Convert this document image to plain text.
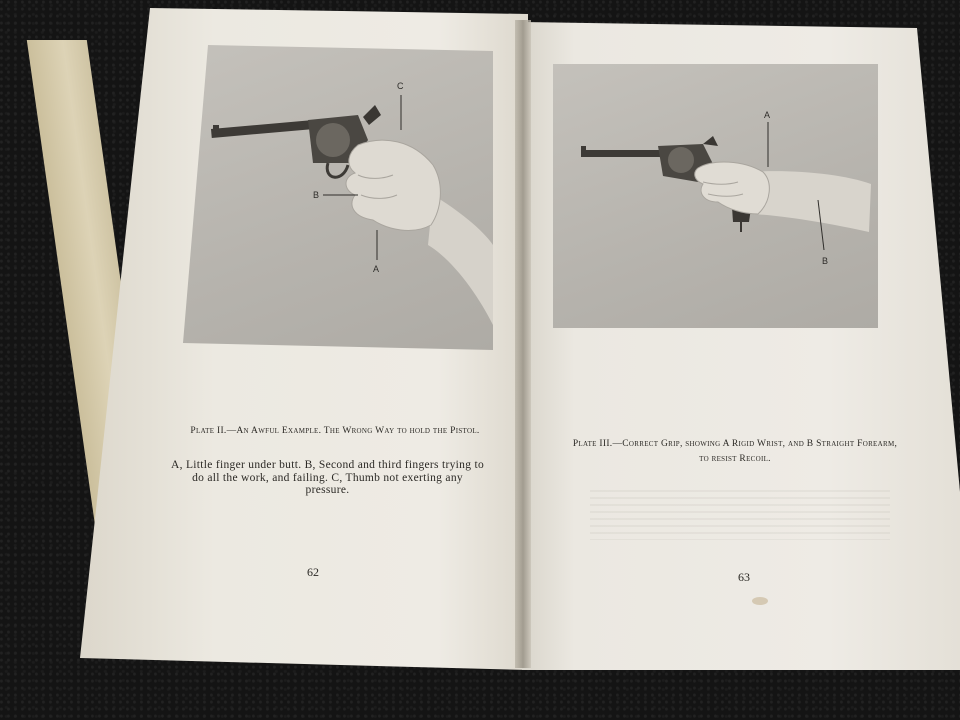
C
B
A
A
B
Plate II.—An Awful Example. The Wrong Way to hold the Pistol.
A, Little finger under butt. B, Second and third fingers trying to do all the work, and failing. C, Thumb not exerting any pressure.
62
Plate III.—Correct Grip, showing A Rigid Wrist, and B Straight Forearm, to resist Recoil.
63
